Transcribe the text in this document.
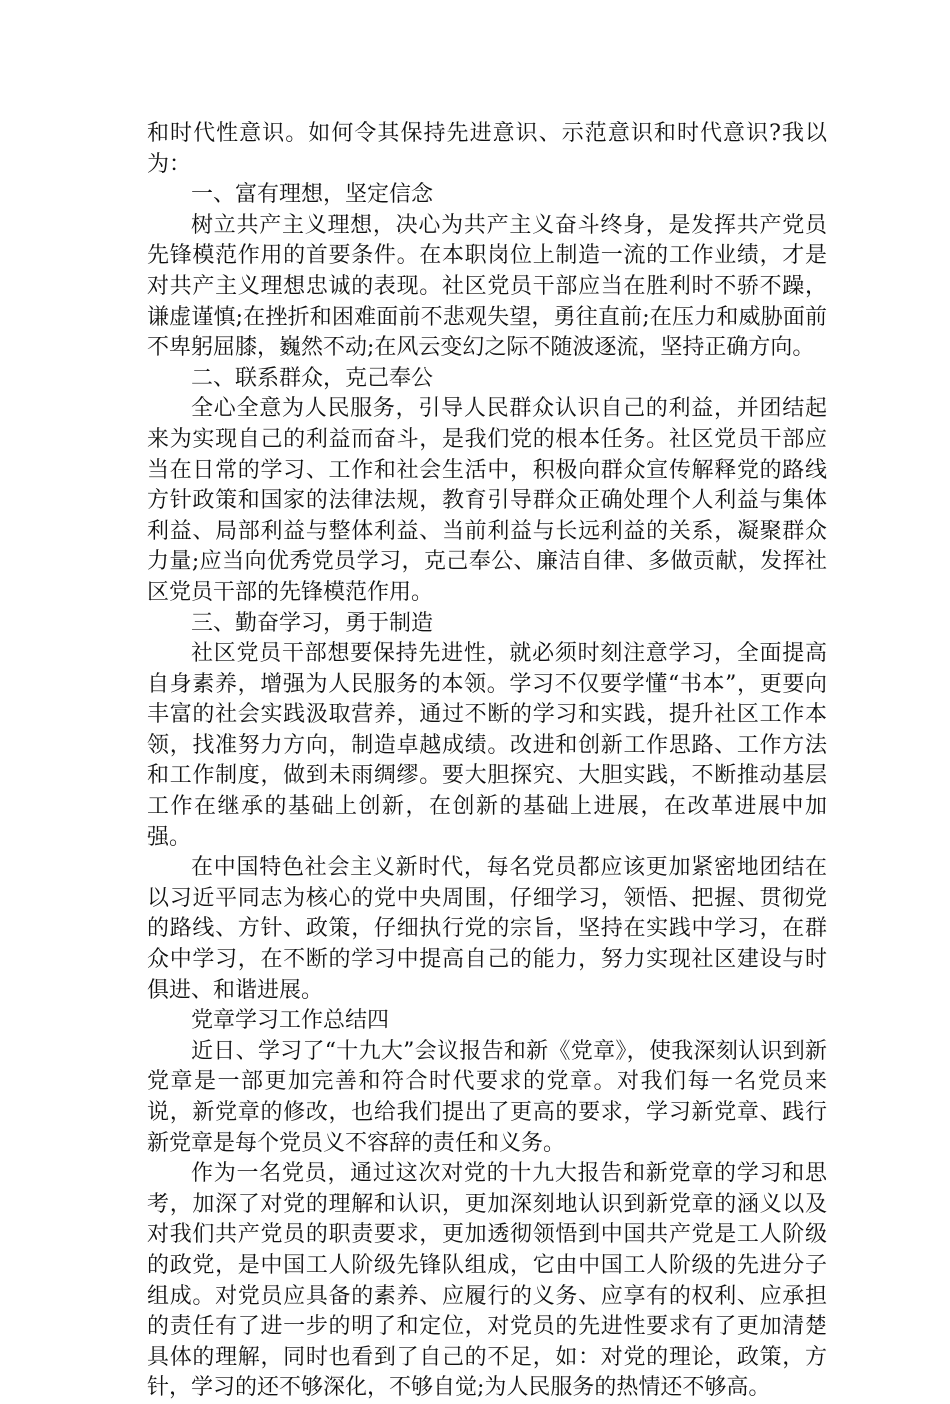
和时代性意识。如何令其保持先进意识、示范意识和时代意识?我以为：

一、富有理想，坚定信念

树立共产主义理想，决心为共产主义奋斗终身，是发挥共产党员先锋模范作用的首要条件。在本职岗位上制造一流的工作业绩，才是对共产主义理想忠诚的表现。社区党员干部应当在胜利时不骄不躁，谦虚谨慎;在挫折和困难面前不悲观失望，勇往直前;在压力和威胁面前不卑躬屈膝，巍然不动;在风云变幻之际不随波逐流，坚持正确方向。

二、联系群众，克己奉公

全心全意为人民服务，引导人民群众认识自己的利益，并团结起来为实现自己的利益而奋斗，是我们党的根本任务。社区党员干部应当在日常的学习、工作和社会生活中，积极向群众宣传解释党的路线方针政策和国家的法律法规，教育引导群众正确处理个人利益与集体利益、局部利益与整体利益、当前利益与长远利益的关系，凝聚群众力量;应当向优秀党员学习，克己奉公、廉洁自律、多做贡献，发挥社区党员干部的先锋模范作用。

三、勤奋学习，勇于制造

社区党员干部想要保持先进性，就必须时刻注意学习，全面提高自身素养，增强为人民服务的本领。学习不仅要学懂“书本”，更要向丰富的社会实践汲取营养，通过不断的学习和实践，提升社区工作本领，找准努力方向，制造卓越成绩。改进和创新工作思路、工作方法和工作制度，做到未雨绸缪。要大胆探究、大胆实践，不断推动基层工作在继承的基础上创新，在创新的基础上进展，在改革进展中加强。

在中国特色社会主义新时代，每名党员都应该更加紧密地团结在以习近平同志为核心的党中央周围，仔细学习，领悟、把握、贯彻党的路线、方针、政策，仔细执行党的宗旨，坚持在实践中学习，在群众中学习，在不断的学习中提高自己的能力，努力实现社区建设与时俱进、和谐进展。

党章学习工作总结四

近日、学习了“十九大”会议报告和新《党章》，使我深刻认识到新党章是一部更加完善和符合时代要求的党章。对我们每一名党员来说，新党章的修改，也给我们提出了更高的要求，学习新党章、践行新党章是每个党员义不容辞的责任和义务。

作为一名党员，通过这次对党的十九大报告和新党章的学习和思考，加深了对党的理解和认识，更加深刻地认识到新党章的涵义以及对我们共产党员的职责要求，更加透彻领悟到中国共产党是工人阶级的政党，是中国工人阶级先锋队组成，它由中国工人阶级的先进分子组成。对党员应具备的素养、应履行的义务、应享有的权利、应承担的责任有了进一步的明了和定位，对党员的先进性要求有了更加清楚具体的理解，同时也看到了自己的不足，如：对党的理论，政策，方针，学习的还不够深化，不够自觉;为人民服务的热情还不够高。
